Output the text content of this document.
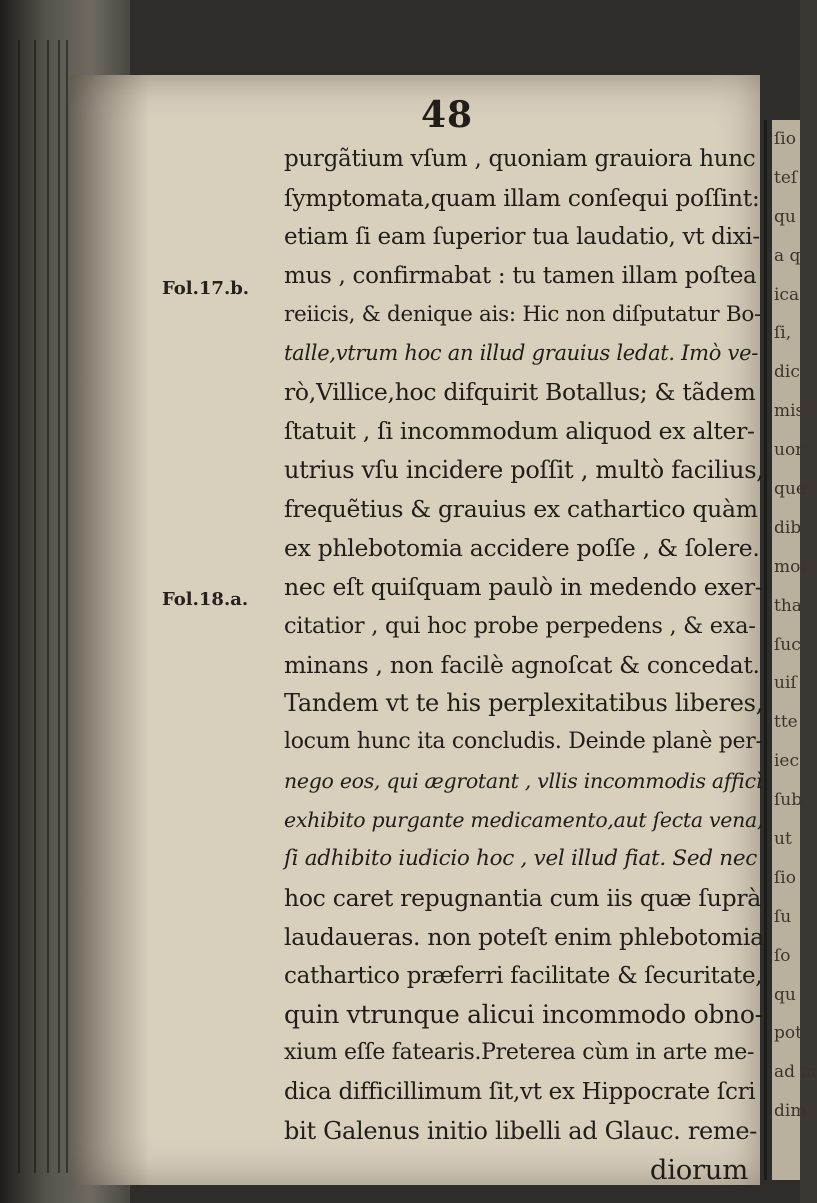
48
Fol.17.b.
Fol.18.a.
purgãtium vſum , quoniam grauiora hunc
ſymptomata,quam illam conſequi poſſint:
etiam ſi eam ſuperior tua laudatio, vt dixi-
mus , confirmabat : tu tamen illam poſtea
reiicis, & denique ais: Hic non diſputatur Bo-
talle,vtrum hoc an illud grauius ledat. Imò ve-
rò,Villice,hoc difquirit Botallus; & tãdem
ſtatuit , ſi incommodum aliquod ex alter-
utrius vſu incidere poſſit , multò facilius,
frequẽtius & grauius ex cathartico quàm
ex phlebotomia accidere poſſe , & ſolere.
nec eſt quiſquam paulò in medendo exer-
citatior , qui hoc probe perpedens , & exa-
minans , non facilè agnoſcat & concedat.
Tandem vt te his perplexitatibus liberes,
locum hunc ita concludis. Deinde planè per-
nego eos, qui ægrotant , vllis incommodis afficì
exhibito purgante medicamento,aut ſecta vena,
ſi adhibito iudicio hoc , vel illud fiat. Sed nec
hoc caret repugnantia cum iis quæ ſuprà
laudaueras. non poteſt enim phlebotomia
cathartico præferri facilitate & ſecuritate,
quin vtrunque alicui incommodo obno-
xium eſſe fatearis.Preterea cùm in arte me-
dica difficillimum ſit,vt ex Hippocrate ſcri
bit Galenus initio libelli ad Glauc. reme-
diorum
ſio
teſ
qu
a q
ica
ſi,
dic
mis
uor
que
dib
moi
tha
ſuc
uiſ
tte
iec
ſub
ut
ſio
ſu
ſo
qu
pot
ad m
dim
